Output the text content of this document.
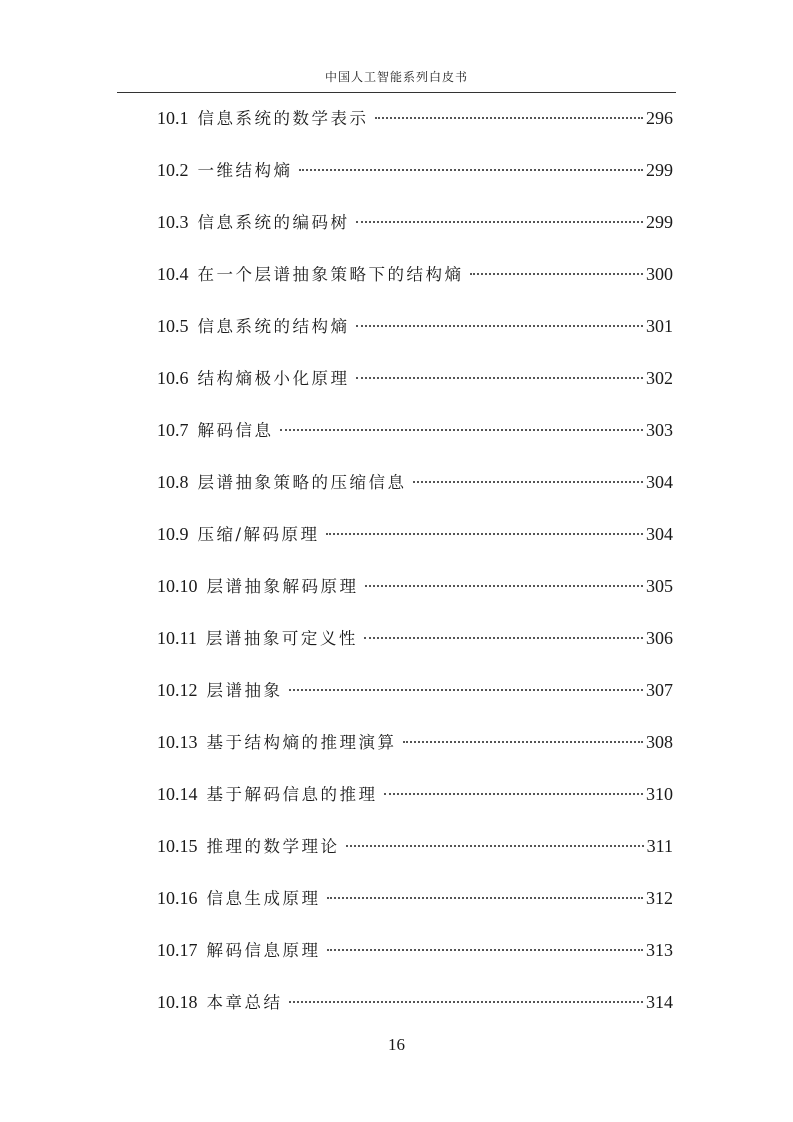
中国人工智能系列白皮书
10.1 信息系统的数学表示	296
10.2 一维结构熵	299
10.3 信息系统的编码树	299
10.4 在一个层谱抽象策略下的结构熵	300
10.5 信息系统的结构熵	301
10.6 结构熵极小化原理	302
10.7 解码信息	303
10.8 层谱抽象策略的压缩信息	304
10.9 压缩/解码原理	304
10.10 层谱抽象解码原理	305
10.11 层谱抽象可定义性	306
10.12 层谱抽象	307
10.13 基于结构熵的推理演算	308
10.14 基于解码信息的推理	310
10.15 推理的数学理论	311
10.16 信息生成原理	312
10.17 解码信息原理	313
10.18 本章总结	314
16
